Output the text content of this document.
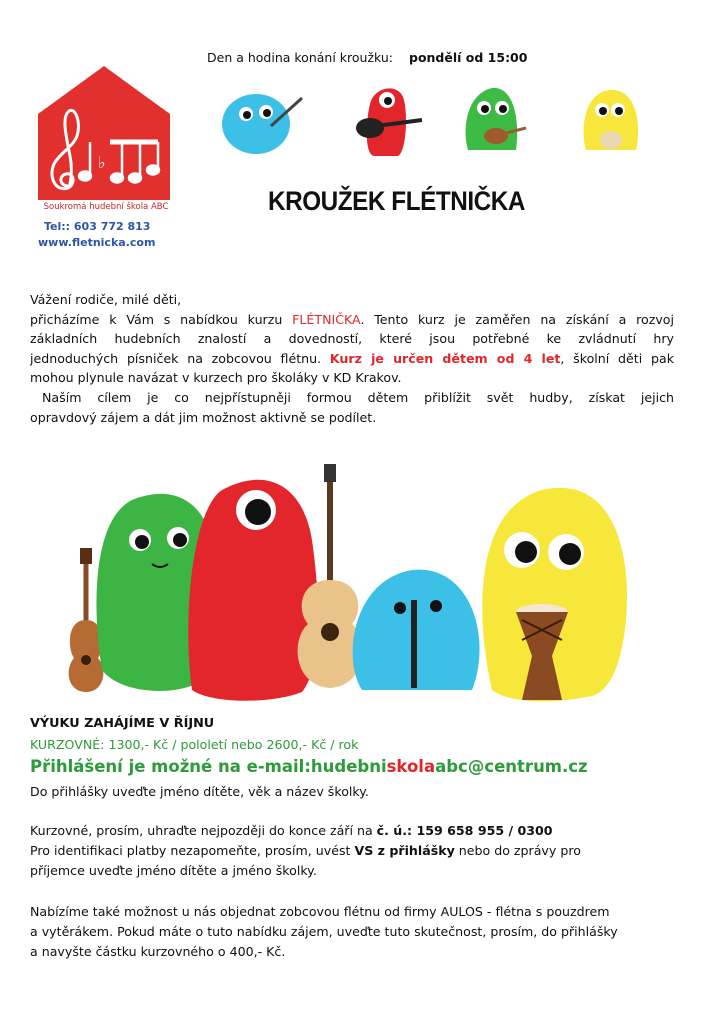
♭
Soukromá hudební škola ABC
Tel:: 603 772 813
www.fletnicka.com
Den a hodina konání kroužku: pondělí od 15:00
KROUŽEK FLÉTNIČKA
Vážení rodiče, milé děti,
přicházíme k Vám s nabídkou kurzu FLÉTNIČKA. Tento kurz je zaměřen na získání a rozvoj
základních hudebních znalostí a dovedností, které jsou potřebné ke zvládnutí hry
jednoduchých písniček na zobcovou flétnu. Kurz je určen dětem od 4 let, školní děti pak
mohou plynule navázat v kurzech pro školáky v KD Krakov.
Naším cílem je co nejpřístupněji formou dětem přiblížit svět hudby, získat jejich
opravdový zájem a dát jim možnost aktivně se podílet.
VÝUKU ZAHÁJÍME V ŘÍJNU
KURZOVNÉ: 1300,- Kč / pololetí nebo 2600,- Kč / rok
Přihlášení je možné na e-mail:hudebniskolaabc@centrum.cz
Do přihlášky uveďte jméno dítěte, věk a název školky.
Kurzovné, prosím, uhraďte nejpozději do konce září na č. ú.: 159 658 955 / 0300
Pro identifikaci platby nezapomeňte, prosím, uvést VS z přihlášky nebo do zprávy pro
příjemce uveďte jméno dítěte a jméno školky.
Nabízíme také možnost u nás objednat zobcovou flétnu od firmy AULOS - flétna s pouzdrem
a vytěrákem. Pokud máte o tuto nabídku zájem, uveďte tuto skutečnost, prosím, do přihlášky
a navyšte částku kurzovného o 400,- Kč.
